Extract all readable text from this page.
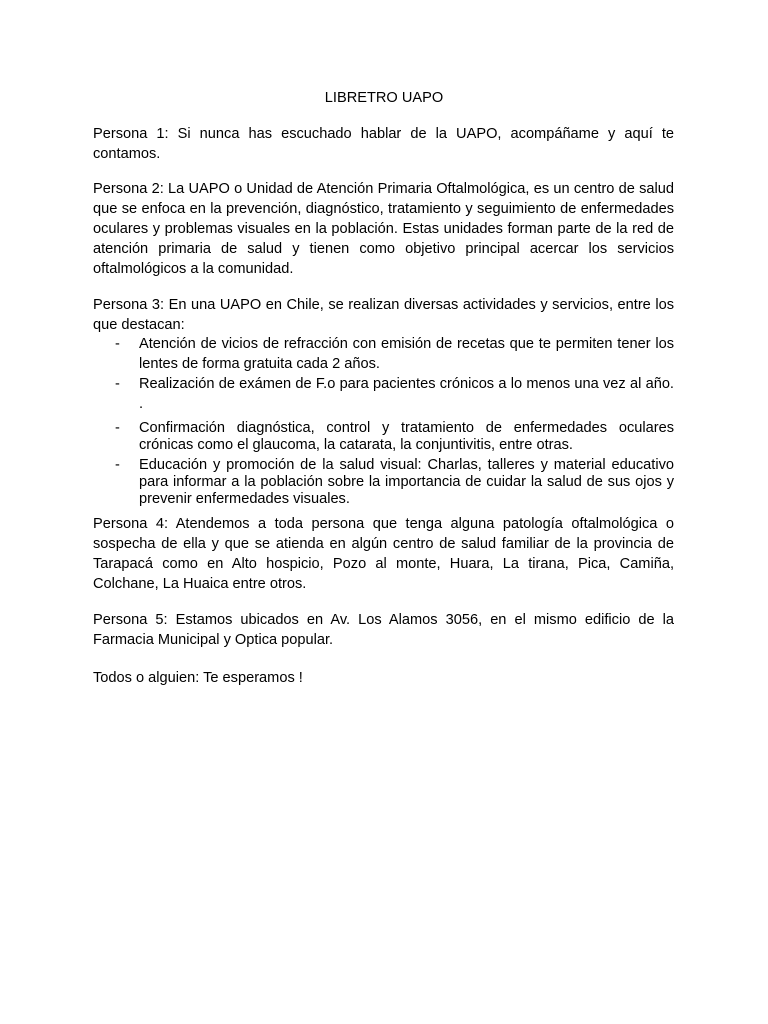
LIBRETRO UAPO

Persona 1: Si nunca has escuchado hablar de la UAPO, acompáñame y aquí te contamos.

Persona 2: La UAPO o Unidad de Atención Primaria Oftalmológica, es un centro de salud que se enfoca en la prevención, diagnóstico, tratamiento y seguimiento de enfermedades oculares y problemas visuales en la población. Estas unidades forman parte de la red de atención primaria de salud y tienen como objetivo principal acercar los servicios oftalmológicos a la comunidad.

Persona 3: En una UAPO en Chile, se realizan diversas actividades y servicios, entre los que destacan:

- Atención de vicios de refracción con emisión de recetas que te permiten tener los lentes de forma gratuita cada 2 años.
- Realización de exámen de F.o para pacientes crónicos a lo menos una vez al año. .
- Confirmación diagnóstica, control y tratamiento de enfermedades oculares crónicas como el glaucoma, la catarata, la conjuntivitis, entre otras.
- Educación y promoción de la salud visual: Charlas, talleres y material educativo para informar a la población sobre la importancia de cuidar la salud de sus ojos y prevenir enfermedades visuales.

Persona 4: Atendemos a toda persona que tenga alguna patología oftalmológica o sospecha de ella y que se atienda en algún centro de salud familiar de la provincia de Tarapacá como en Alto hospicio, Pozo al monte, Huara, La tirana, Pica, Camiña, Colchane, La Huaica entre otros.

Persona 5: Estamos ubicados en Av. Los Alamos 3056, en el mismo edificio de la Farmacia Municipal y Optica popular.

Todos o alguien: Te esperamos !
